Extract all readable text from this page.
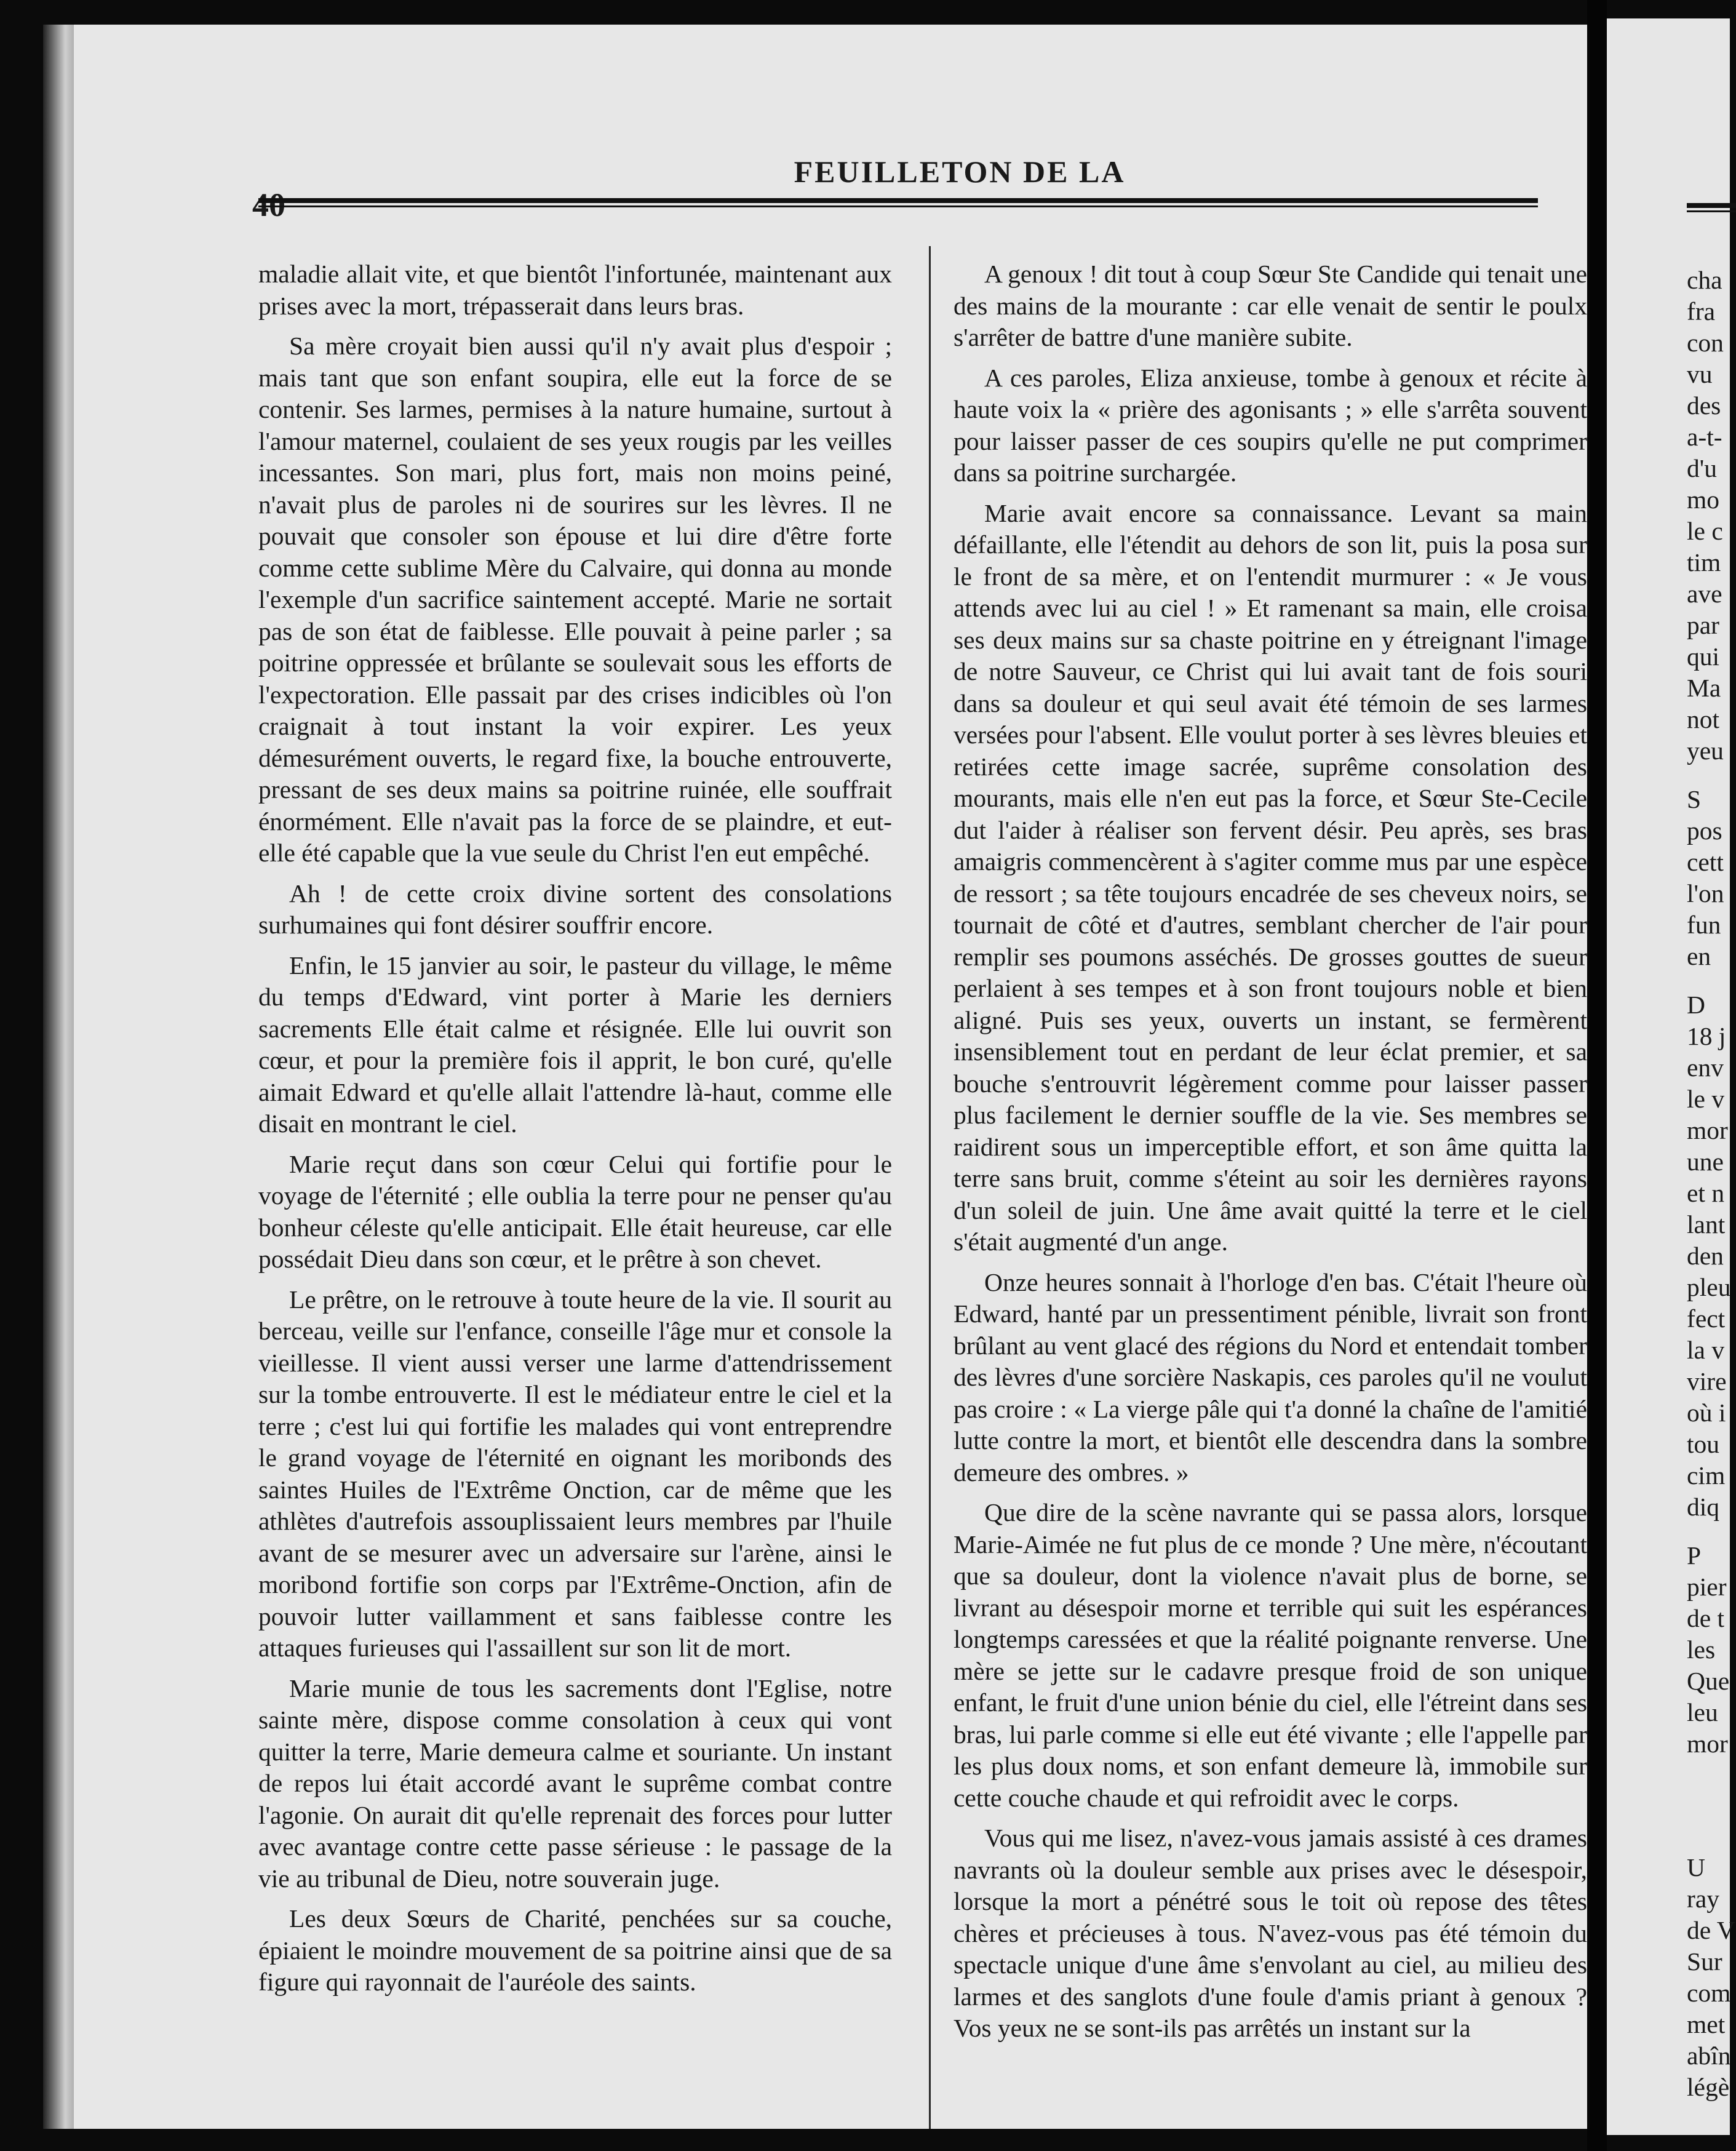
FEUILLETON DE LA
40

maladie allait vite, et que bientôt l'infortunée, maintenant aux prises avec la mort, trépasserait dans leurs bras.

Sa mère croyait bien aussi qu'il n'y avait plus d'espoir ; mais tant que son enfant soupira, elle eut la force de se contenir. Ses larmes, permises à la nature humaine, surtout à l'amour maternel, coulaient de ses yeux rougis par les veilles incessantes. Son mari, plus fort, mais non moins peiné, n'avait plus de paroles ni de sourires sur les lèvres. Il ne pouvait que consoler son épouse et lui dire d'être forte comme cette sublime Mère du Calvaire, qui donna au monde l'exemple d'un sacrifice saintement accepté. Marie ne sortait pas de son état de faiblesse. Elle pouvait à peine parler ; sa poitrine oppressée et brûlante se soulevait sous les efforts de l'expectoration. Elle passait par des crises indicibles où l'on craignait à tout instant la voir expirer. Les yeux démesurément ouverts, le regard fixe, la bouche entrouverte, pressant de ses deux mains sa poitrine ruinée, elle souffrait énormément. Elle n'avait pas la force de se plaindre, et eut-elle été capable que la vue seule du Christ l'en eut empêché.

Ah ! de cette croix divine sortent des consolations surhumaines qui font désirer souffrir encore.

Enfin, le 15 janvier au soir, le pasteur du village, le même du temps d'Edward, vint porter à Marie les derniers sacrements Elle était calme et résignée. Elle lui ouvrit son cœur, et pour la première fois il apprit, le bon curé, qu'elle aimait Edward et qu'elle allait l'attendre là-haut, comme elle disait en montrant le ciel.

Marie reçut dans son cœur Celui qui fortifie pour le voyage de l'éternité ; elle oublia la terre pour ne penser qu'au bonheur céleste qu'elle anticipait. Elle était heureuse, car elle possédait Dieu dans son cœur, et le prêtre à son chevet.

Le prêtre, on le retrouve à toute heure de la vie. Il sourit au berceau, veille sur l'enfance, conseille l'âge mur et console la vieillesse. Il vient aussi verser une larme d'attendrissement sur la tombe entrouverte. Il est le médiateur entre le ciel et la terre ; c'est lui qui fortifie les malades qui vont entreprendre le grand voyage de l'éternité en oignant les moribonds des saintes Huiles de l'Extrême Onction, car de même que les athlètes d'autrefois assouplissaient leurs membres par l'huile avant de se mesurer avec un adversaire sur l'arène, ainsi le moribond fortifie son corps par l'Extrême-Onction, afin de pouvoir lutter vaillamment et sans faiblesse contre les attaques furieuses qui l'assaillent sur son lit de mort.

Marie munie de tous les sacrements dont l'Eglise, notre sainte mère, dispose comme consolation à ceux qui vont quitter la terre, Marie demeura calme et souriante. Un instant de repos lui était accordé avant le suprême combat contre l'agonie. On aurait dit qu'elle reprenait des forces pour lutter avec avantage contre cette passe sérieuse : le passage de la vie au tribunal de Dieu, notre souverain juge.

Les deux Sœurs de Charité, penchées sur sa couche, épiaient le moindre mouvement de sa poitrine ainsi que de sa figure qui rayonnait de l'auréole des saints.

A genoux ! dit tout à coup Sœur Ste Candide qui tenait une des mains de la mourante : car elle venait de sentir le poulx s'arrêter de battre d'une manière subite.

A ces paroles, Eliza anxieuse, tombe à genoux et récite à haute voix la « prière des agonisants ; » elle s'arrêta souvent pour laisser passer de ces soupirs qu'elle ne put comprimer dans sa poitrine surchargée.

Marie avait encore sa connaissance. Levant sa main défaillante, elle l'étendit au dehors de son lit, puis la posa sur le front de sa mère, et on l'entendit murmurer : « Je vous attends avec lui au ciel ! » Et ramenant sa main, elle croisa ses deux mains sur sa chaste poitrine en y étreignant l'image de notre Sauveur, ce Christ qui lui avait tant de fois souri dans sa douleur et qui seul avait été témoin de ses larmes versées pour l'absent. Elle voulut porter à ses lèvres bleuies et retirées cette image sacrée, suprême consolation des mourants, mais elle n'en eut pas la force, et Sœur Ste-Cecile dut l'aider à réaliser son fervent désir. Peu après, ses bras amaigris commencèrent à s'agiter comme mus par une espèce de ressort ; sa tête toujours encadrée de ses cheveux noirs, se tournait de côté et d'autres, semblant chercher de l'air pour remplir ses poumons asséchés. De grosses gouttes de sueur perlaient à ses tempes et à son front toujours noble et bien aligné. Puis ses yeux, ouverts un instant, se fermèrent insensiblement tout en perdant de leur éclat premier, et sa bouche s'entrouvrit légèrement comme pour laisser passer plus facilement le dernier souffle de la vie. Ses membres se raidirent sous un imperceptible effort, et son âme quitta la terre sans bruit, comme s'éteint au soir les dernières rayons d'un soleil de juin. Une âme avait quitté la terre et le ciel s'était augmenté d'un ange.

Onze heures sonnait à l'horloge d'en bas. C'était l'heure où Edward, hanté par un pressentiment pénible, livrait son front brûlant au vent glacé des régions du Nord et entendait tomber des lèvres d'une sorcière Naskapis, ces paroles qu'il ne voulut pas croire : « La vierge pâle qui t'a donné la chaîne de l'amitié lutte contre la mort, et bientôt elle descendra dans la sombre demeure des ombres. »

Que dire de la scène navrante qui se passa alors, lorsque Marie-Aimée ne fut plus de ce monde ? Une mère, n'écoutant que sa douleur, dont la violence n'avait plus de borne, se livrant au désespoir morne et terrible qui suit les espérances longtemps caressées et que la réalité poignante renverse. Une mère se jette sur le cadavre presque froid de son unique enfant, le fruit d'une union bénie du ciel, elle l'étreint dans ses bras, lui parle comme si elle eut été vivante ; elle l'appelle par les plus doux noms, et son enfant demeure là, immobile sur cette couche chaude et qui refroidit avec le corps.

Vous qui me lisez, n'avez-vous jamais assisté à ces drames navrants où la douleur semble aux prises avec le désespoir, lorsque la mort a pénétré sous le toit où repose des têtes chères et précieuses à tous. N'avez-vous pas été témoin du spectacle unique d'une âme s'envolant au ciel, au milieu des larmes et des sanglots d'une foule d'amis priant à genoux ? Vos yeux ne se sont-ils pas arrêtés un instant sur la

cha
fra
con
vu
des
a-t-
d'u
mo
le c
tim
ave
par
qui
Ma
not
yeu
S
pos
cett
l'on
fun
en
D
18 j
env
le v
mor
une
et n
lant
den
pleu
fect
la v
vire
où i
tou
cim
diq
P
pier
de t
les
Que
leu
mor
U
ray
de V
Sur
com
met
abîn
légè
